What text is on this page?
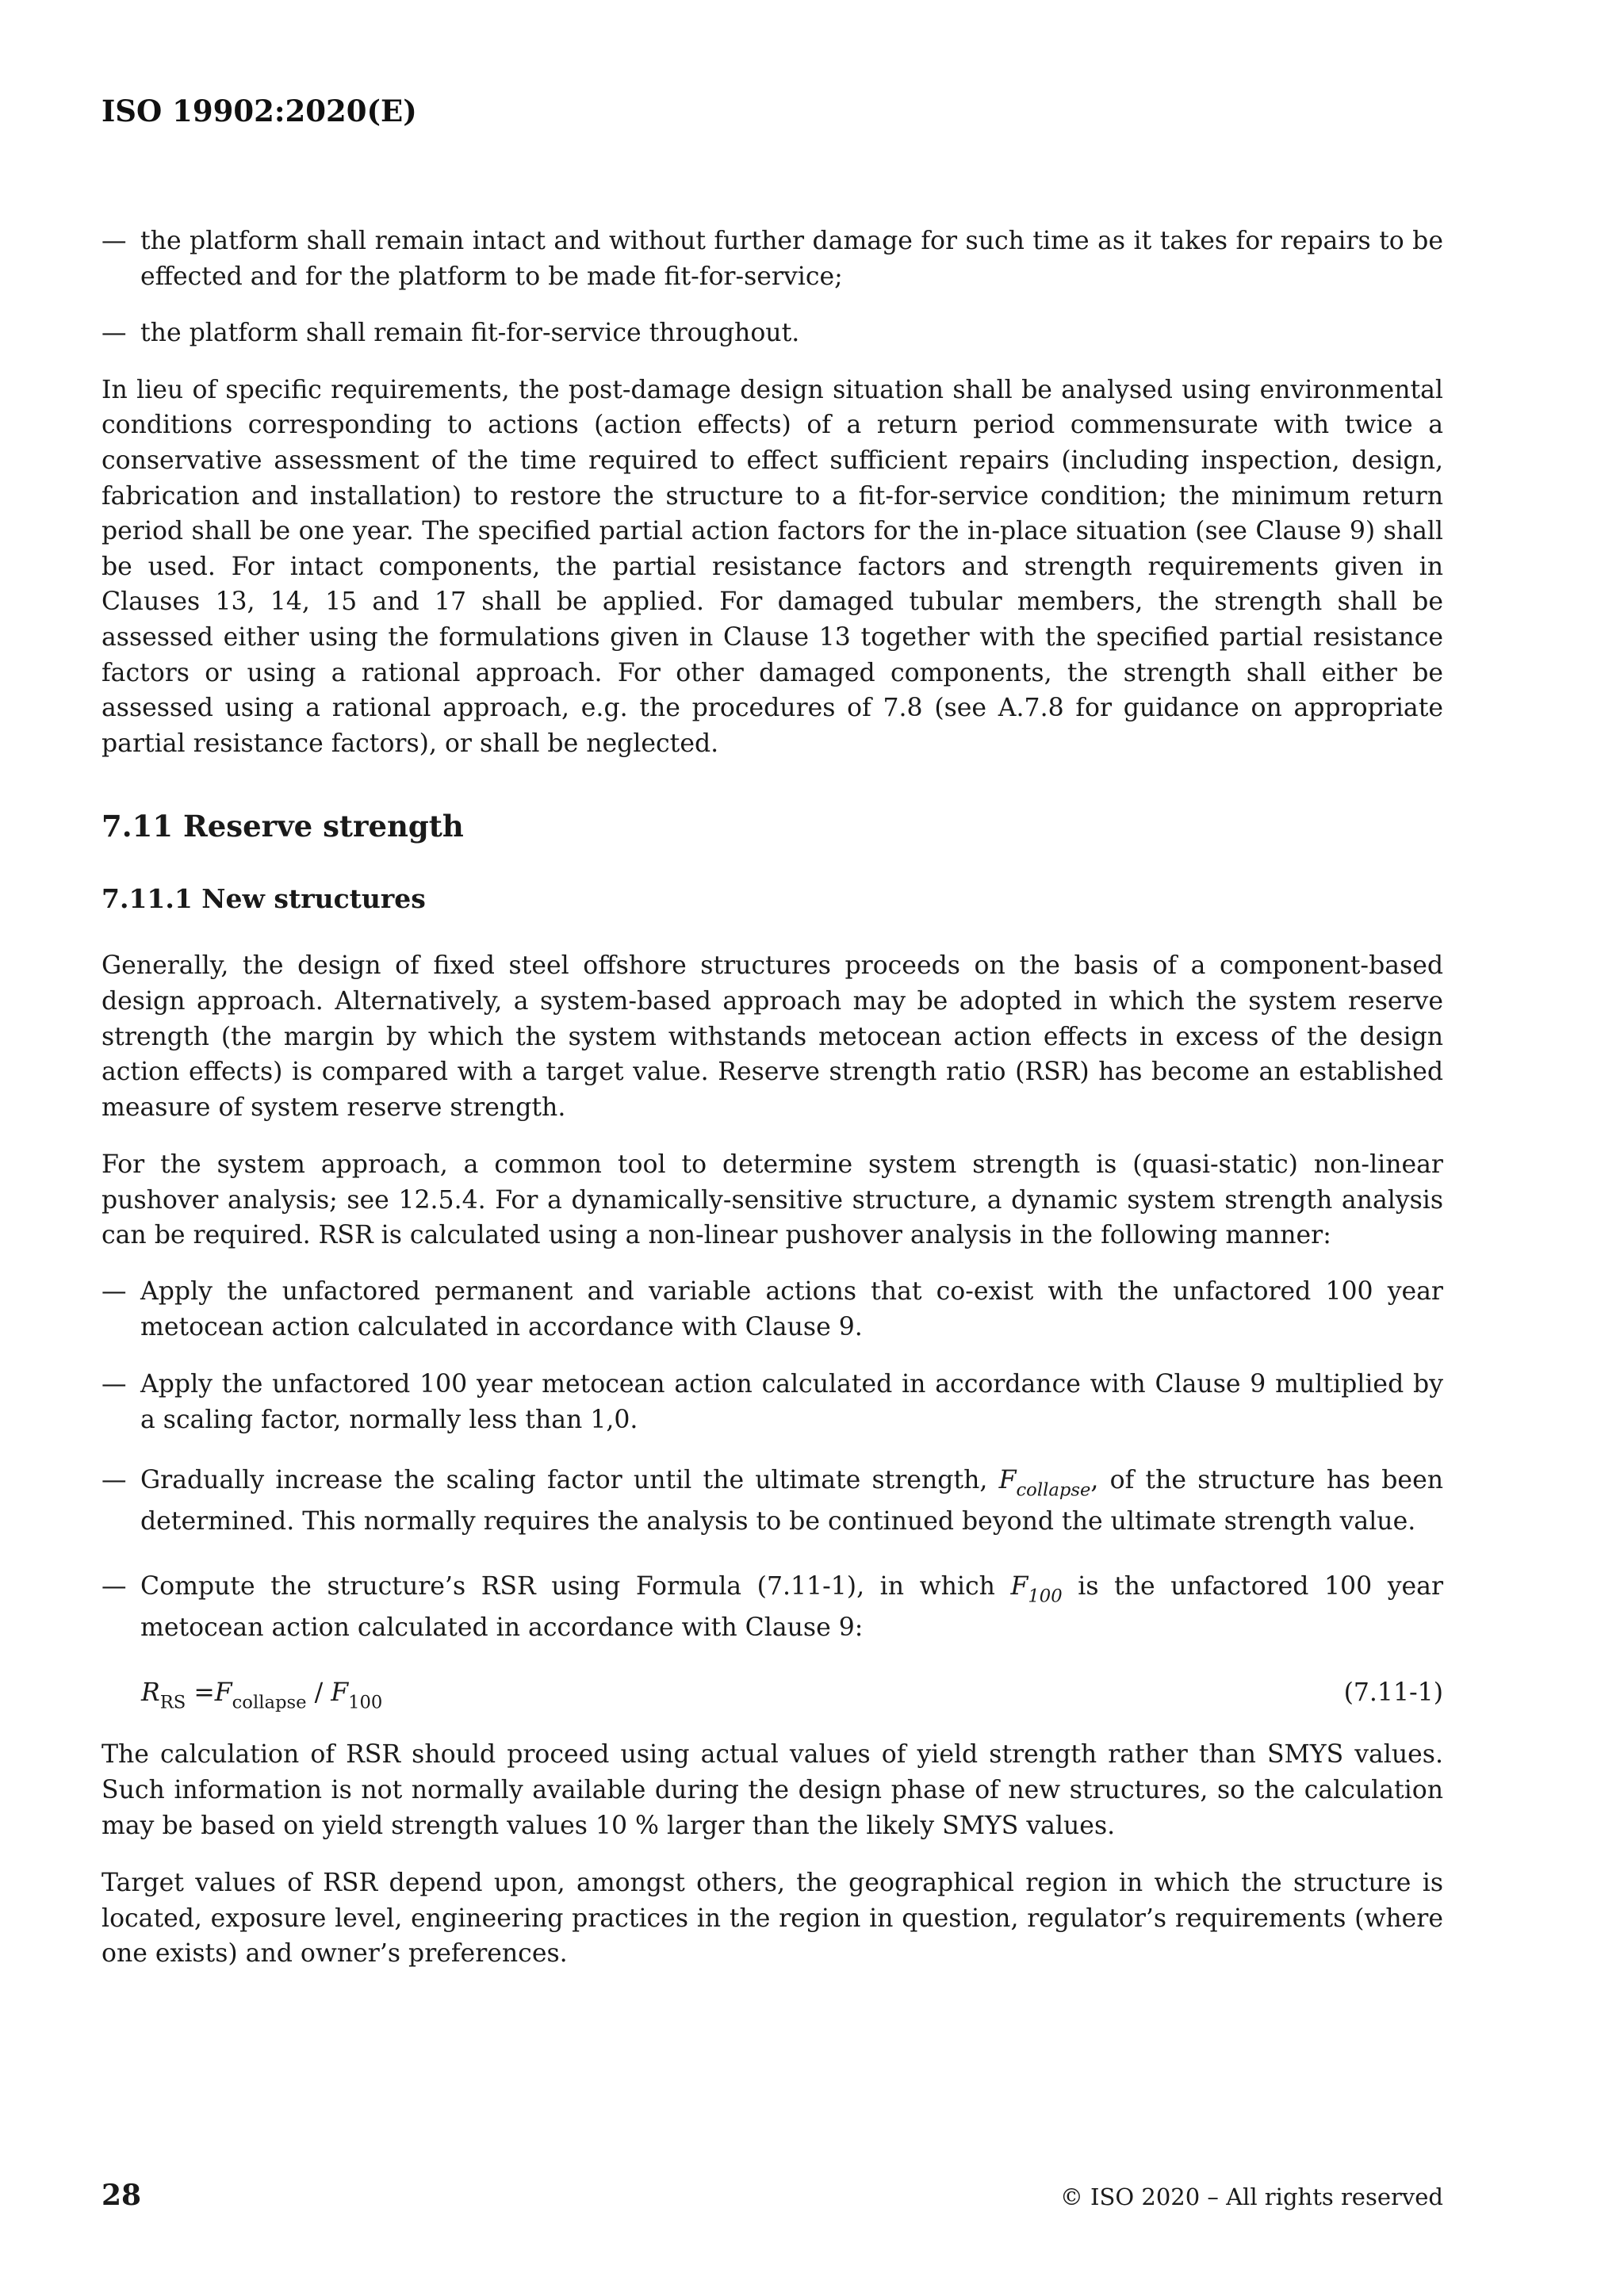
ISO 19902:2020(E)

— the platform shall remain intact and without further damage for such time as it takes for repairs to be effected and for the platform to be made fit-for-service;

— the platform shall remain fit-for-service throughout.

In lieu of specific requirements, the post-damage design situation shall be analysed using environmental conditions corresponding to actions (action effects) of a return period commensurate with twice a conservative assessment of the time required to effect sufficient repairs (including inspection, design, fabrication and installation) to restore the structure to a fit-for-service condition; the minimum return period shall be one year. The specified partial action factors for the in-place situation (see Clause 9) shall be used. For intact components, the partial resistance factors and strength requirements given in Clauses 13, 14, 15 and 17 shall be applied. For damaged tubular members, the strength shall be assessed either using the formulations given in Clause 13 together with the specified partial resistance factors or using a rational approach. For other damaged components, the strength shall either be assessed using a rational approach, e.g. the procedures of 7.8 (see A.7.8 for guidance on appropriate partial resistance factors), or shall be neglected.

7.11 Reserve strength
7.11.1 New structures

Generally, the design of fixed steel offshore structures proceeds on the basis of a component-based design approach. Alternatively, a system-based approach may be adopted in which the system reserve strength (the margin by which the system withstands metocean action effects in excess of the design action effects) is compared with a target value. Reserve strength ratio (RSR) has become an established measure of system reserve strength.

For the system approach, a common tool to determine system strength is (quasi-static) non-linear pushover analysis; see 12.5.4. For a dynamically-sensitive structure, a dynamic system strength analysis can be required. RSR is calculated using a non-linear pushover analysis in the following manner:

— Apply the unfactored permanent and variable actions that co-exist with the unfactored 100 year metocean action calculated in accordance with Clause 9.

— Apply the unfactored 100 year metocean action calculated in accordance with Clause 9 multiplied by a scaling factor, normally less than 1,0.

— Gradually increase the scaling factor until the ultimate strength, $F_{collapse}$, of the structure has been determined. This normally requires the analysis to be continued beyond the ultimate strength value.

— Compute the structure’s RSR using Formula (7.11-1), in which $F_{100}$ is the unfactored 100 year metocean action calculated in accordance with Clause 9:

$R_{RS} =F_{collapse} / F_{100}$	(7.11-1)

The calculation of RSR should proceed using actual values of yield strength rather than SMYS values. Such information is not normally available during the design phase of new structures, so the calculation may be based on yield strength values 10 % larger than the likely SMYS values.

Target values of RSR depend upon, amongst others, the geographical region in which the structure is located, exposure level, engineering practices in the region in question, regulator’s requirements (where one exists) and owner’s preferences.

28	© ISO 2020 – All rights reserved
